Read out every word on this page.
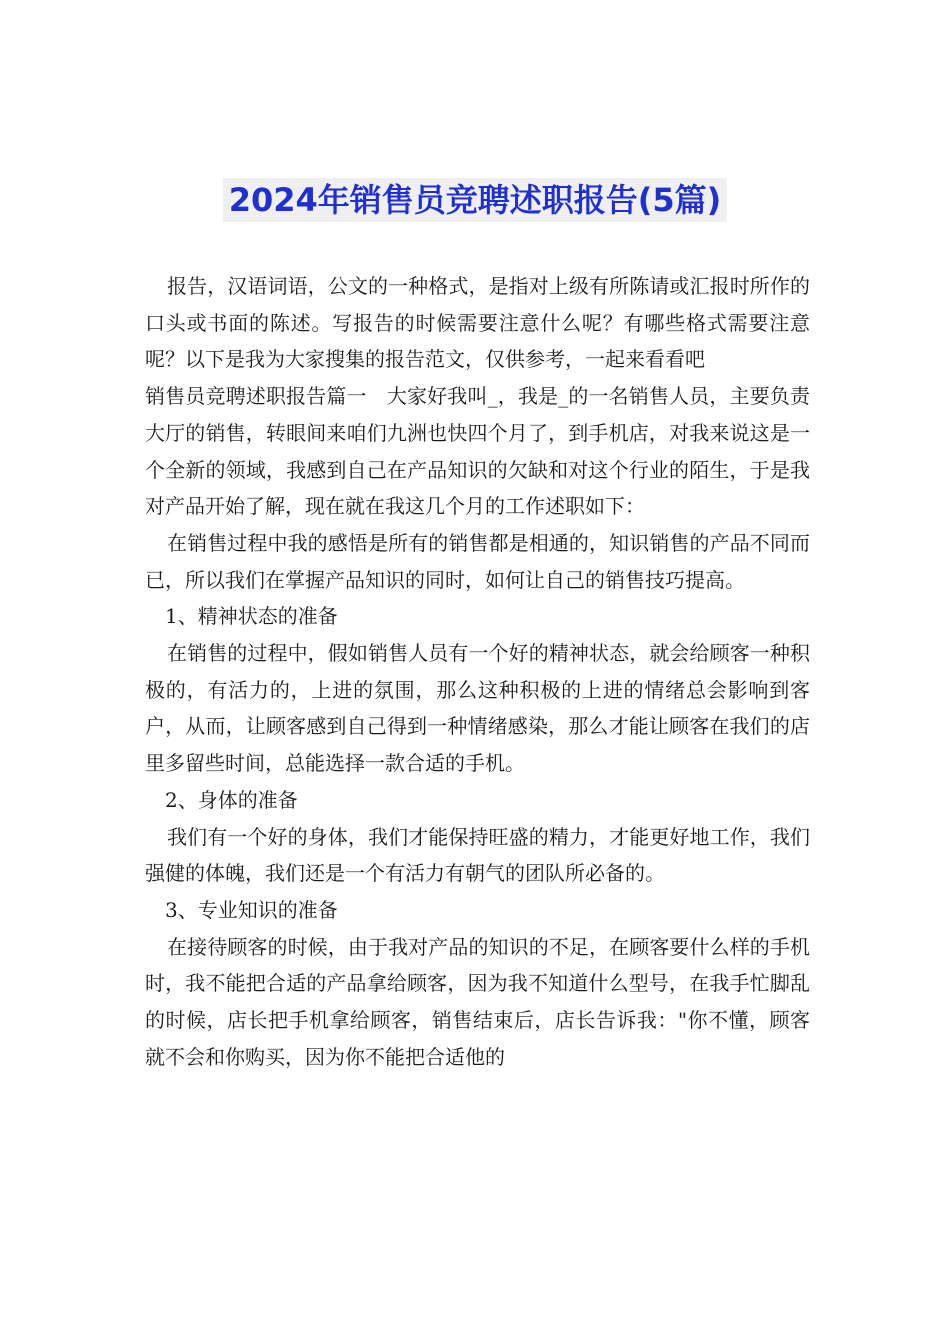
2024年销售员竞聘述职报告(5篇)

报告，汉语词语，公文的一种格式，是指对上级有所陈请或汇报时所作的口头或书面的陈述。写报告的时候需要注意什么呢？有哪些格式需要注意呢？以下是我为大家搜集的报告范文，仅供参考，一起来看看吧

销售员竞聘述职报告篇一　大家好我叫_，我是_的一名销售人员，主要负责大厅的销售，转眼间来咱们九洲也快四个月了，到手机店，对我来说这是一个全新的领域，我感到自己在产品知识的欠缺和对这个行业的陌生，于是我对产品开始了解，现在就在我这几个月的工作述职如下：

在销售过程中我的感悟是所有的销售都是相通的，知识销售的产品不同而已，所以我们在掌握产品知识的同时，如何让自己的销售技巧提高。

1、精神状态的准备

在销售的过程中，假如销售人员有一个好的精神状态，就会给顾客一种积极的，有活力的，上进的氛围，那么这种积极的上进的情绪总会影响到客户，从而，让顾客感到自己得到一种情绪感染，那么才能让顾客在我们的店里多留些时间，总能选择一款合适的手机。

2、身体的准备

我们有一个好的身体，我们才能保持旺盛的精力，才能更好地工作，我们强健的体魄，我们还是一个有活力有朝气的团队所必备的。

3、专业知识的准备

在接待顾客的时候，由于我对产品的知识的不足，在顾客要什么样的手机时，我不能把合适的产品拿给顾客，因为我不知道什么型号，在我手忙脚乱的时候，店长把手机拿给顾客，销售结束后，店长告诉我："你不懂，顾客就不会和你购买，因为你不能把合适他的
